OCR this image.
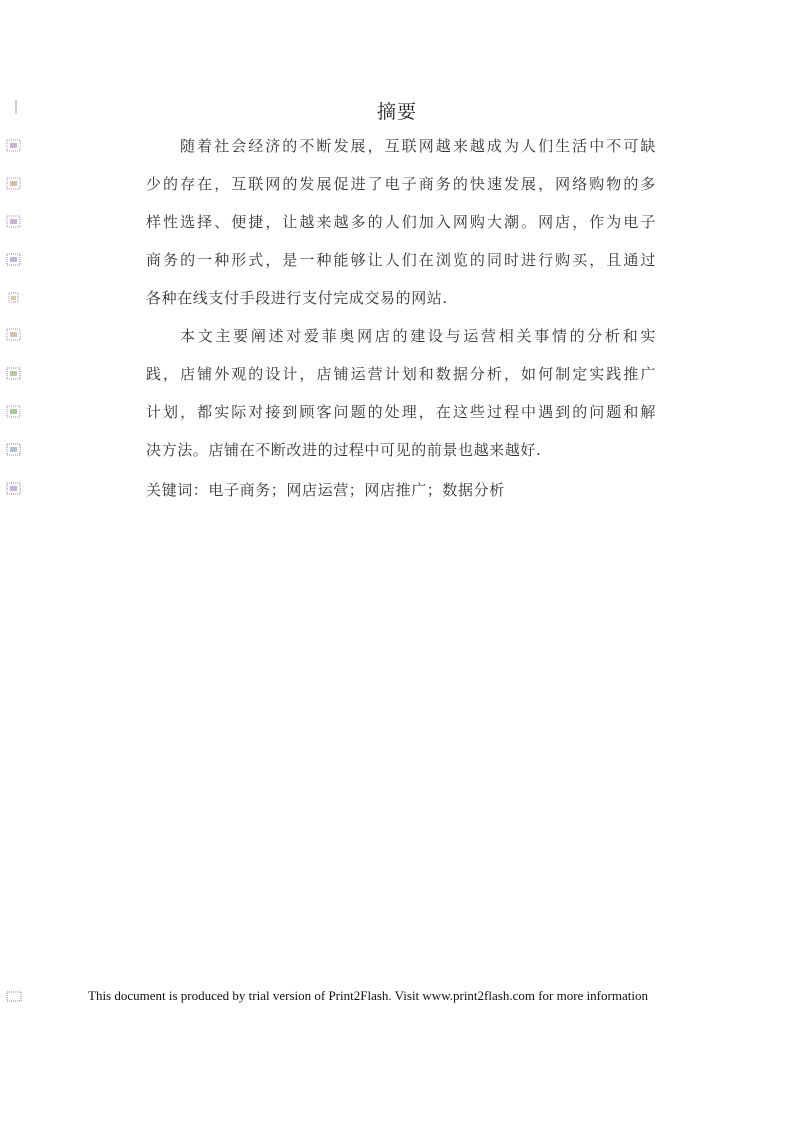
摘要
随着社会经济的不断发展，互联网越来越成为人们生活中不可缺
少的存在，互联网的发展促进了电子商务的快速发展，网络购物的多
样性选择、便捷，让越来越多的人们加入网购大潮。网店，作为电子
商务的一种形式，是一种能够让人们在浏览的同时进行购买，且通过
各种在线支付手段进行支付完成交易的网站.
本文主要阐述对爱菲奥网店的建设与运营相关事情的分析和实
践，店铺外观的设计，店铺运营计划和数据分析，如何制定实践推广
计划，都实际对接到顾客问题的处理，在这些过程中遇到的问题和解
决方法。店铺在不断改进的过程中可见的前景也越来越好.
关键词：电子商务；网店运营；网店推广；数据分析
This document is produced by trial version of Print2Flash. Visit www.print2flash.com for more information
